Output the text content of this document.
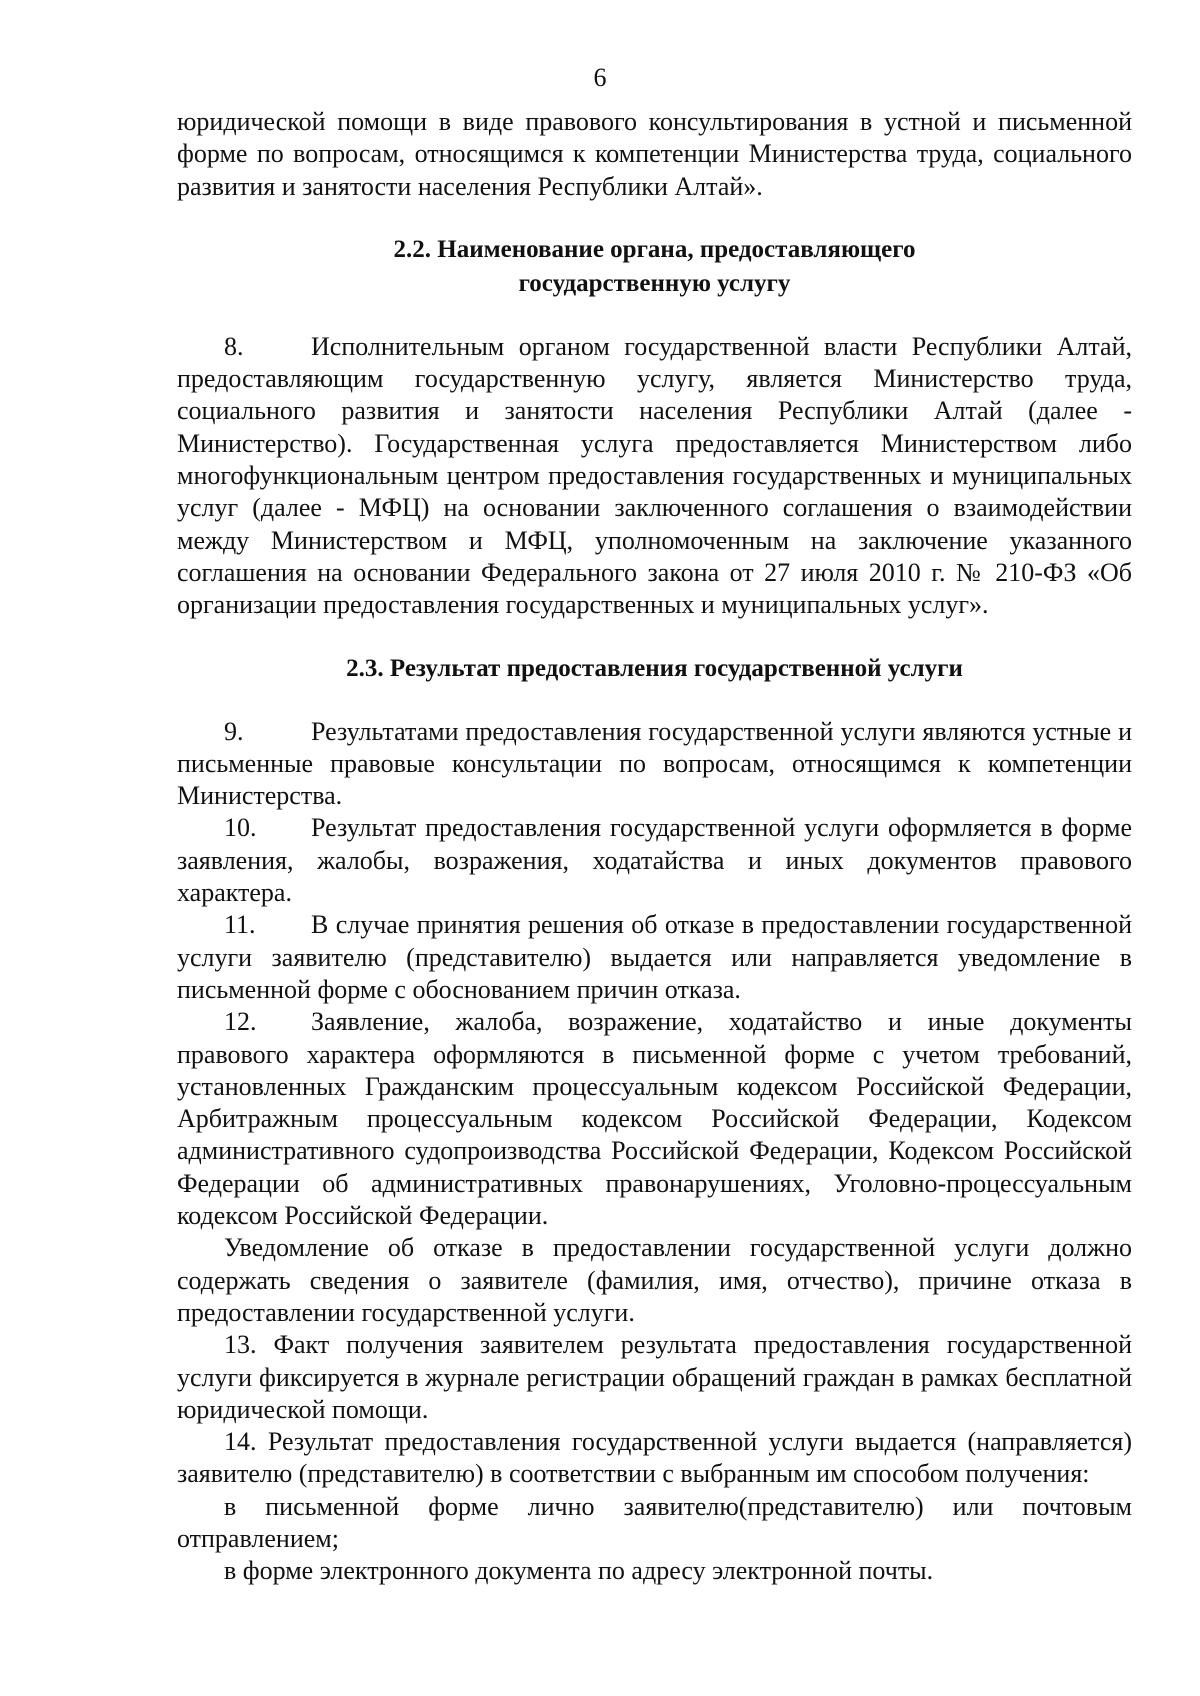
6

юридической помощи в виде правового консультирования в устной и письменной форме по вопросам, относящимся к компетенции Министерства труда, социального развития и занятости населения Республики Алтай».

2.2. Наименование органа, предоставляющего

государственную услугу

8.	Исполнительным органом государственной власти Республики Алтай, предоставляющим государственную услугу, является Министерство труда, социального развития и занятости населения Республики Алтай (далее - Министерство). Государственная услуга предоставляется Министерством либо многофункциональным центром предоставления государственных и муниципальных услуг (далее - МФЦ) на основании заключенного соглашения о взаимодействии между Министерством и МФЦ, уполномоченным на заключение указанного соглашения на основании Федерального закона от 27 июля 2010 г. № 210-ФЗ «Об организации предоставления государственных и муниципальных услуг».

2.3. Результат предоставления государственной услуги

9.	Результатами предоставления государственной услуги являются устные и письменные правовые консультации по вопросам, относящимся к компетенции Министерства.

10. Результат предоставления государственной услуги оформляется в форме заявления, жалобы, возражения, ходатайства и иных документов правового характера.

11. В случае принятия решения об отказе в предоставлении государственной услуги заявителю (представителю) выдается или направляется уведомление в письменной форме с обоснованием причин отказа.

12. Заявление, жалоба, возражение, ходатайство и иные документы правового характера оформляются в письменной форме с учетом требований, установленных Гражданским процессуальным кодексом Российской Федерации, Арбитражным процессуальным кодексом Российской Федерации, Кодексом административного судопроизводства Российской Федерации, Кодексом Российской Федерации об административных правонарушениях, Уголовно-процессуальным кодексом Российской Федерации.

Уведомление об отказе в предоставлении государственной услуги должно содержать сведения о заявителе (фамилия, имя, отчество), причине отказа в предоставлении государственной услуги.

13. Факт получения заявителем результата предоставления государственной услуги фиксируется в журнале регистрации обращений граждан в рамках бесплатной юридической помощи.

14. Результат предоставления государственной услуги выдается (направляется) заявителю (представителю) в соответствии с выбранным им способом получения:

в письменной форме лично заявителю(представителю) или почтовым отправлением;

в форме электронного документа по адресу электронной почты.
